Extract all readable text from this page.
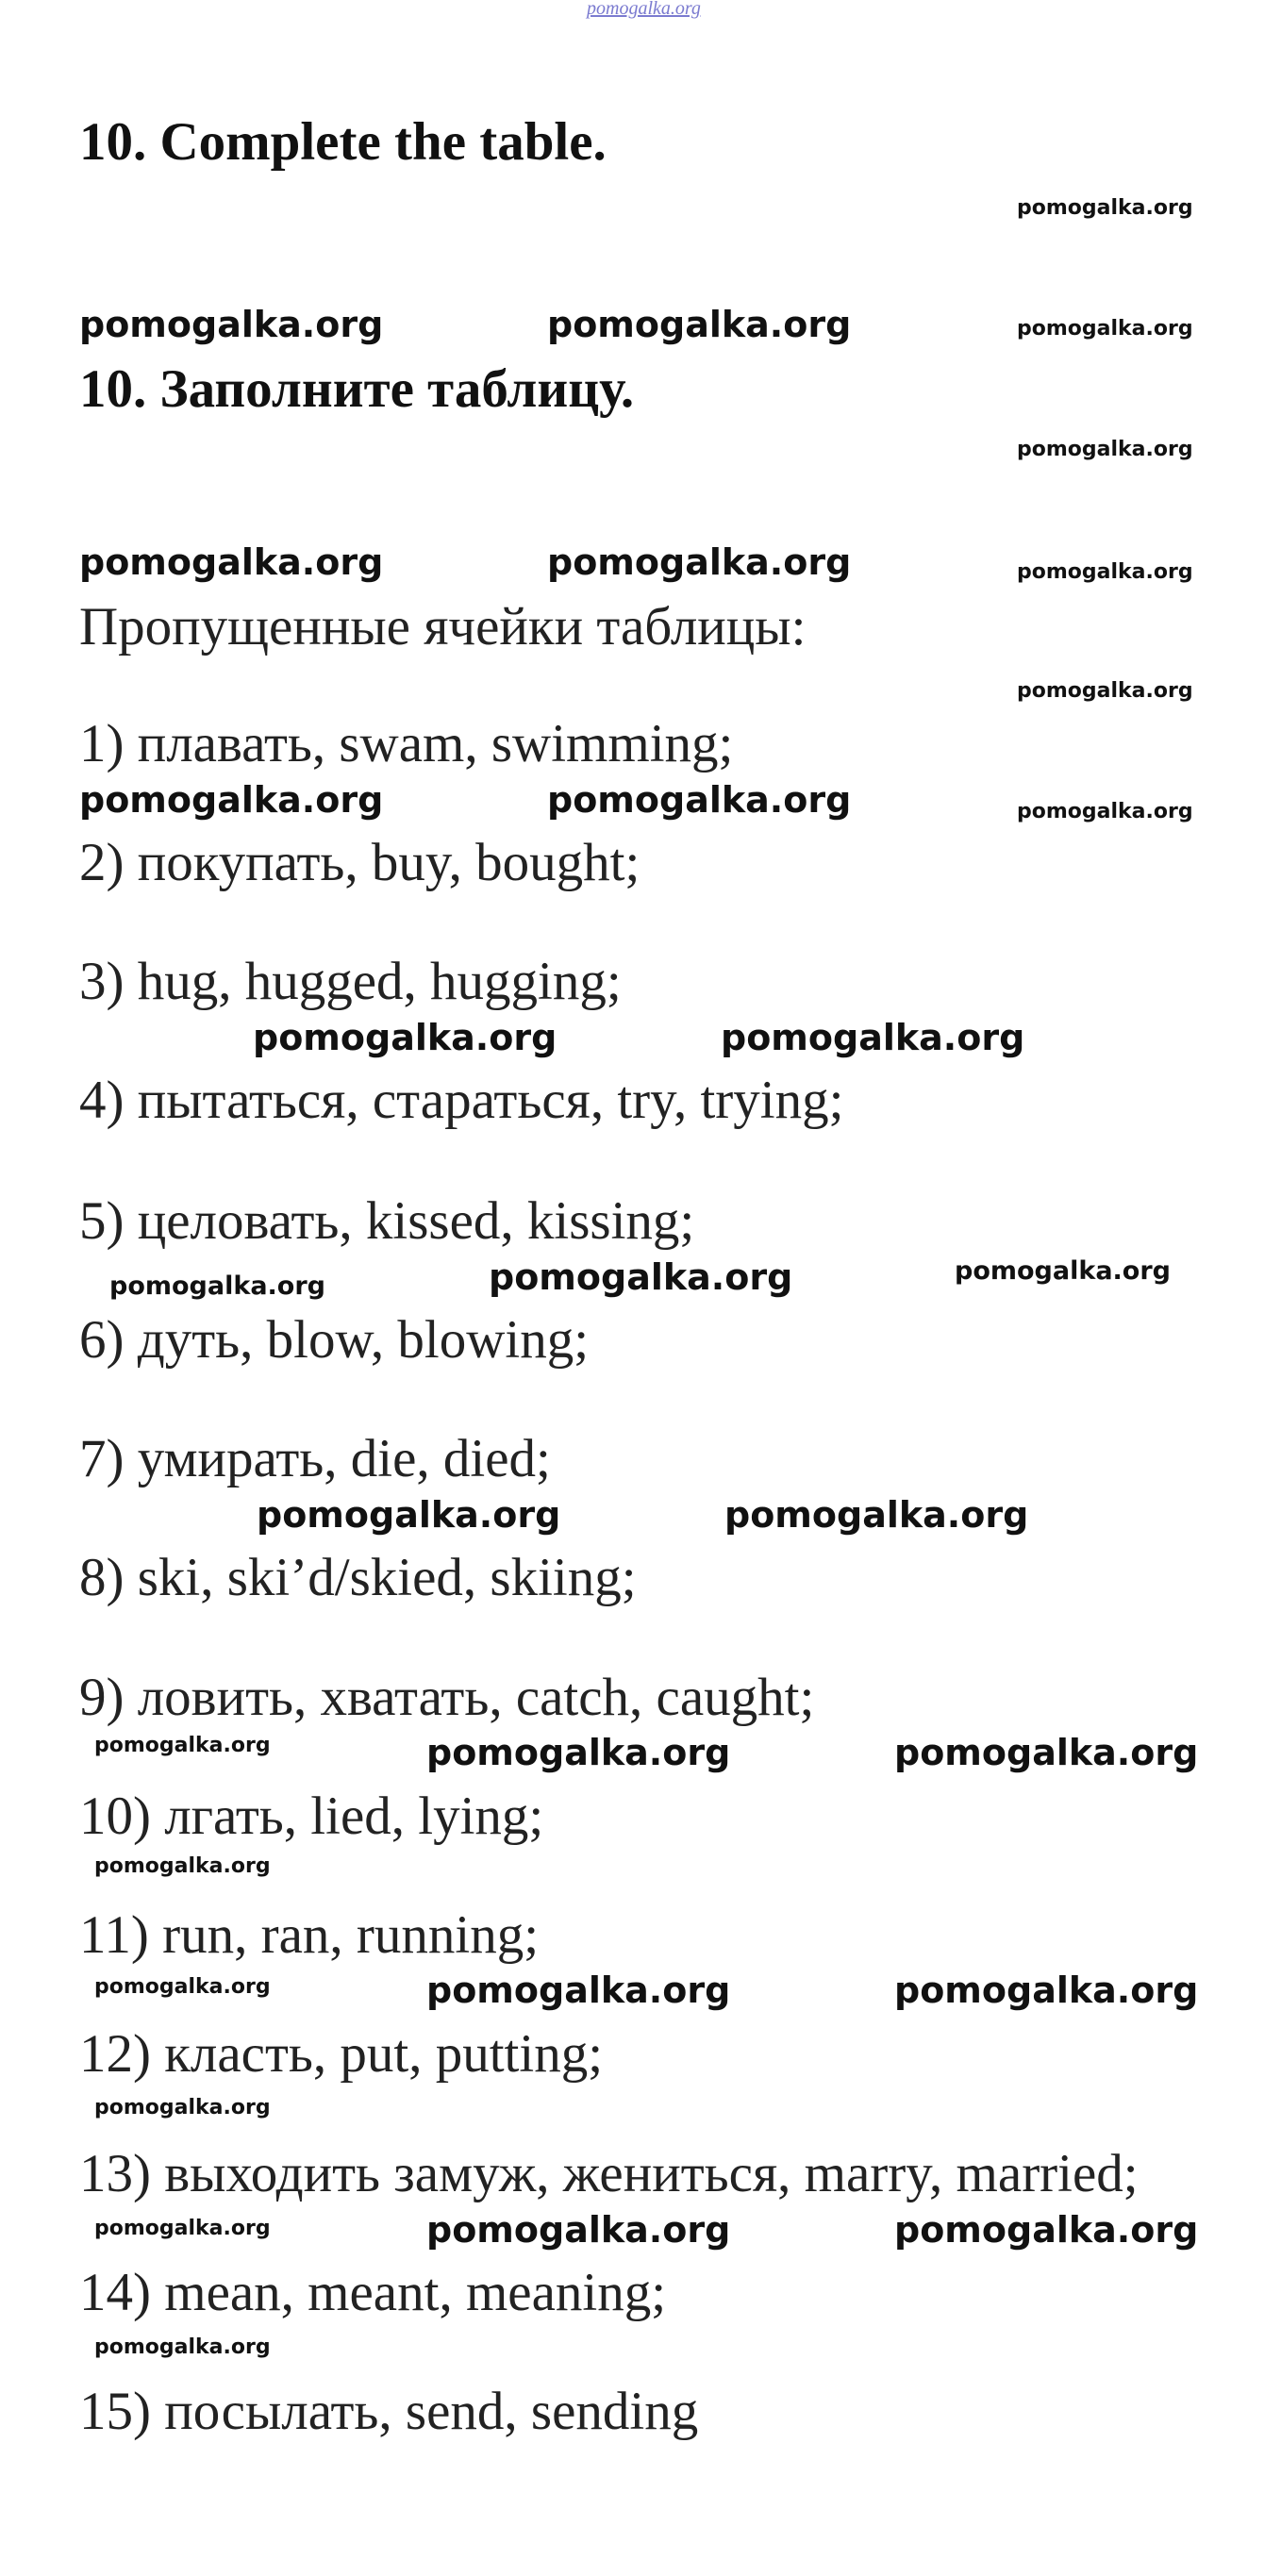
pomogalka.org
10. Complete the table.
10. Заполните таблицу.
Пропущенные ячейки таблицы:
1) плавать, swam, swimming;
2) покупать, buy, bought;
3) hug, hugged, hugging;
4) пытаться, стараться, try, trying;
5) целовать, kissed, kissing;
6) дуть, blow, blowing;
7) умирать, die, died;
8) ski, ski’d/skied, skiing;
9) ловить, хватать, catch, caught;
10) лгать, lied, lying;
11) run, ran, running;
12) класть, put, putting;
13) выходить замуж, жениться, marry, married;
14) mean, meant, meaning;
15) посылать, send, sending
pomogalka.org
pomogalka.org	pomogalka.org	pomogalka.org
pomogalka.org
pomogalka.org	pomogalka.org	pomogalka.org
pomogalka.org
pomogalka.org	pomogalka.org	pomogalka.org
pomogalka.org	pomogalka.org
pomogalka.org	pomogalka.org	pomogalka.org
pomogalka.org	pomogalka.org
pomogalka.org	pomogalka.org	pomogalka.org
pomogalka.org
pomogalka.org	pomogalka.org	pomogalka.org
pomogalka.org
pomogalka.org	pomogalka.org	pomogalka.org
pomogalka.org
